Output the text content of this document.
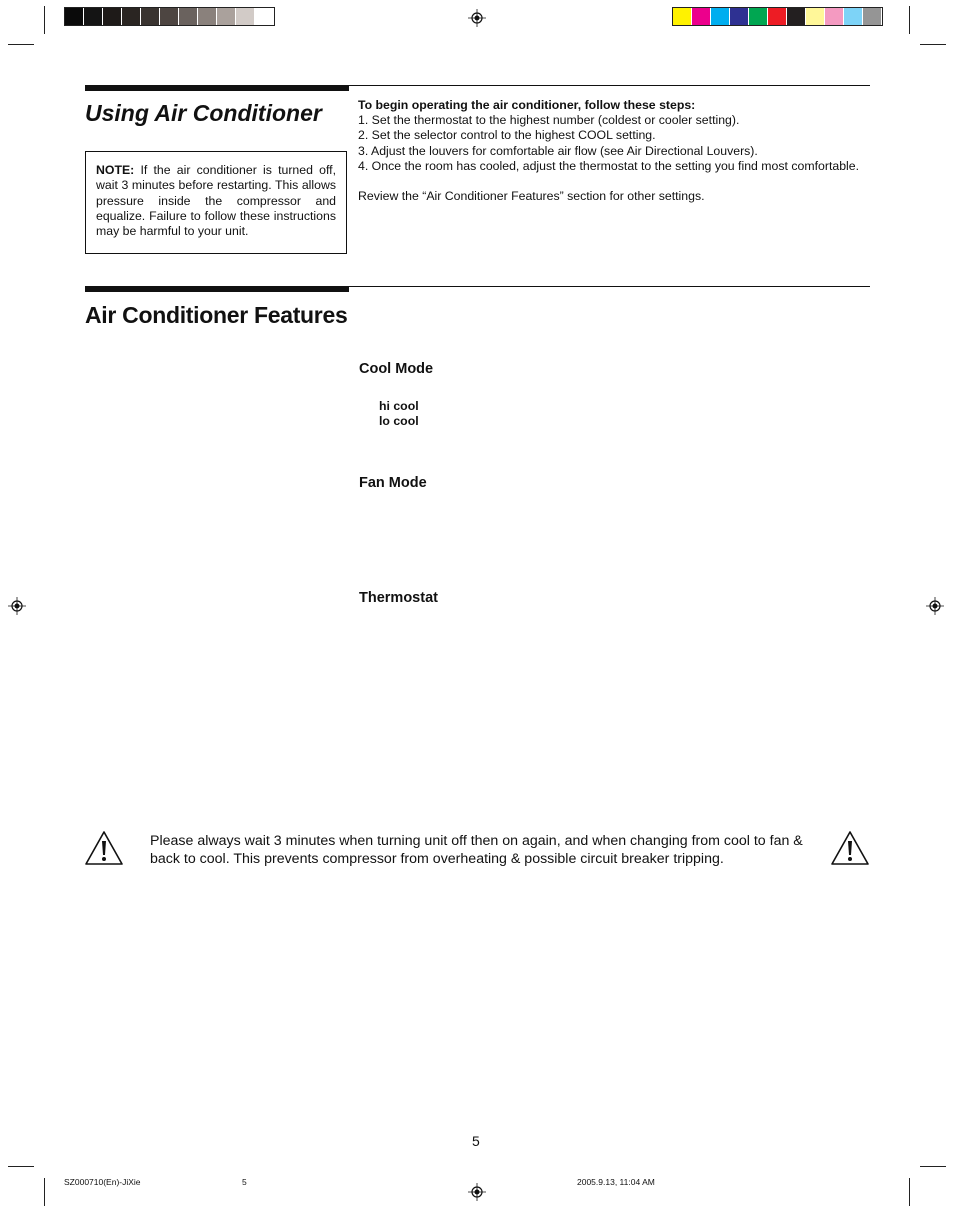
Using Air Conditioner
NOTE: If the air conditioner is turned off, wait 3 minutes before restarting. This allows pressure inside the compressor and equalize. Failure to follow these instructions may be harmful to your unit.
To begin operating the air conditioner, follow these steps:
1. Set the thermostat to the highest number (coldest or cooler setting).
2. Set the selector control to the highest COOL setting.
3. Adjust the louvers for comfortable air flow (see Air Directional Louvers).
4. Once the room has cooled, adjust the thermostat to the setting you find most comfortable.
Review the “Air Conditioner Features” section for other settings.
Air Conditioner Features
Cool Mode
hi cool
lo cool
Fan Mode
Thermostat
Please always wait 3 minutes when turning unit off then on again, and when changing from cool to fan & back to cool. This prevents compressor from overheating & possible circuit breaker tripping.
5
SZ000710(En)-JiXie	5	2005.9.13, 11:04 AM
